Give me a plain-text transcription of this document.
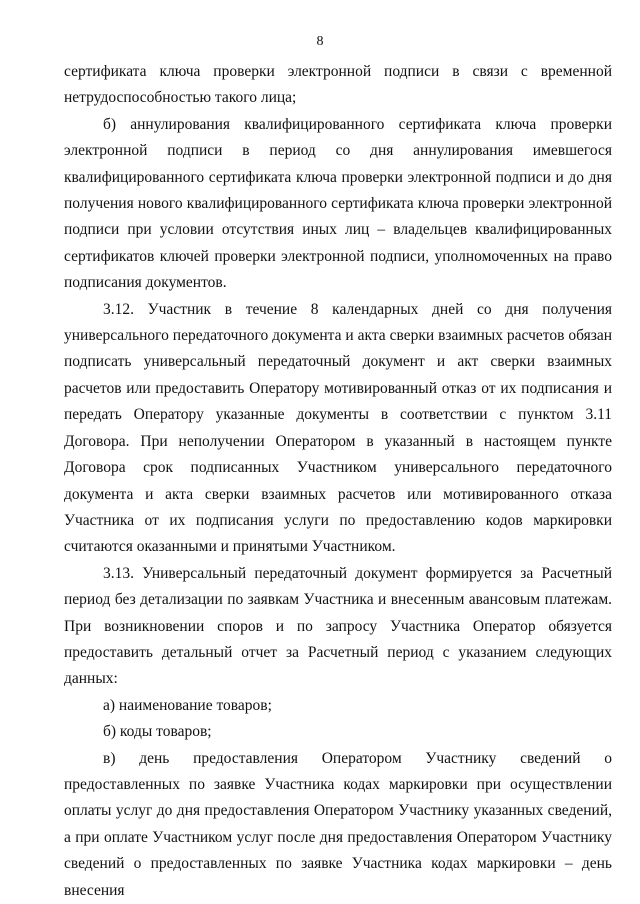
8

сертификата ключа проверки электронной подписи в связи с временной нетрудоспособностью такого лица;

б) аннулирования квалифицированного сертификата ключа проверки электронной подписи в период со дня аннулирования имевшегося квалифицированного сертификата ключа проверки электронной подписи и до дня получения нового квалифицированного сертификата ключа проверки электронной подписи при условии отсутствия иных лиц – владельцев квалифицированных сертификатов ключей проверки электронной подписи, уполномоченных на право подписания документов.

3.12. Участник в течение 8 календарных дней со дня получения универсального передаточного документа и акта сверки взаимных расчетов обязан подписать универсальный передаточный документ и акт сверки взаимных расчетов или предоставить Оператору мотивированный отказ от их подписания и передать Оператору указанные документы в соответствии с пунктом 3.11 Договора. При неполучении Оператором в указанный в настоящем пункте Договора срок подписанных Участником универсального передаточного документа и акта сверки взаимных расчетов или мотивированного отказа Участника от их подписания услуги по предоставлению кодов маркировки считаются оказанными и принятыми Участником.

3.13. Универсальный передаточный документ формируется за Расчетный период без детализации по заявкам Участника и внесенным авансовым платежам. При возникновении споров и по запросу Участника Оператор обязуется предоставить детальный отчет за Расчетный период с указанием следующих данных:

а) наименование товаров;

б) коды товаров;

в) день предоставления Оператором Участнику сведений о предоставленных по заявке Участника кодах маркировки при осуществлении оплаты услуг до дня предоставления Оператором Участнику указанных сведений, а при оплате Участником услуг после дня предоставления Оператором Участнику сведений о предоставленных по заявке Участника кодах маркировки – день внесения
